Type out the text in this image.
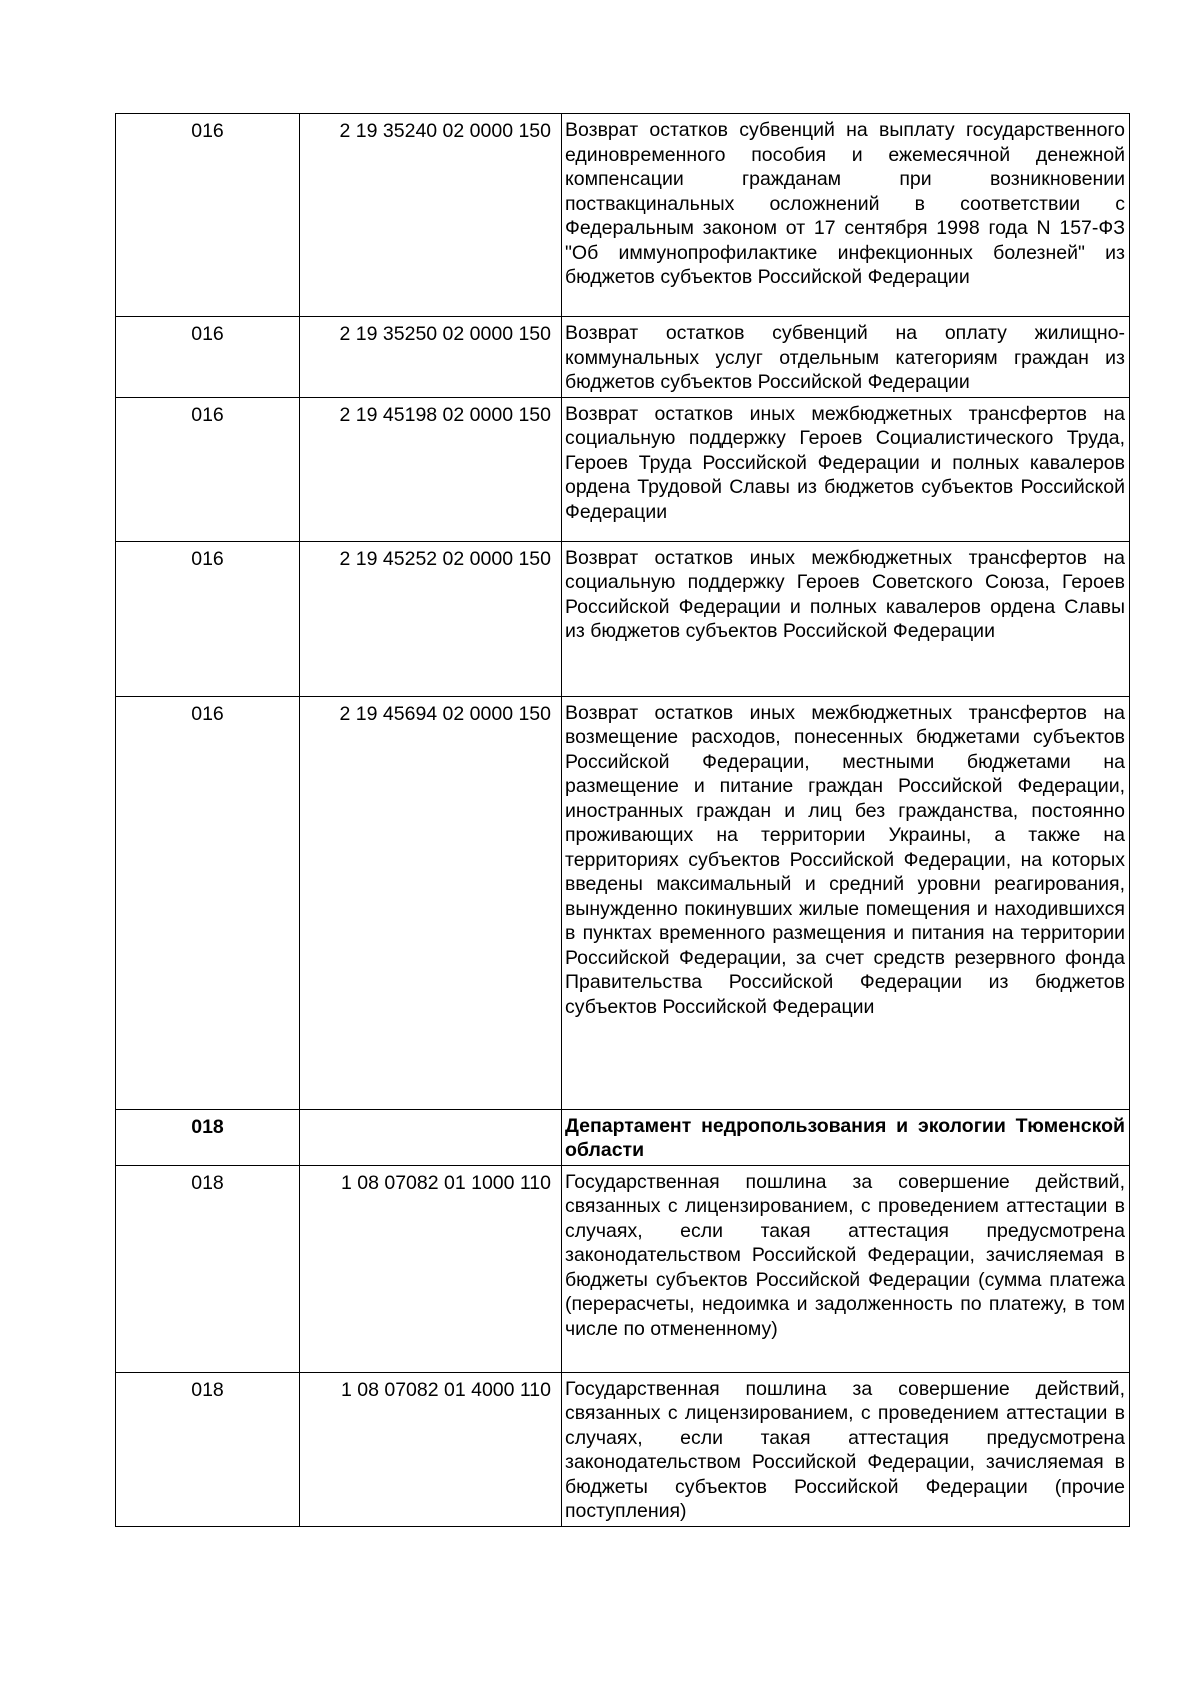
016	2 19 35240 02 0000 150	Возврат остатков субвенций на выплату государственного единовременного пособия и ежемесячной денежной компенсации гражданам при возникновении поствакцинальных осложнений в соответствии с Федеральным законом от 17 сентября 1998 года N 157-ФЗ "Об иммунопрофилактике инфекционных болезней" из бюджетов субъектов Российской Федерации
016	2 19 35250 02 0000 150	Возврат остатков субвенций на оплату жилищно-коммунальных услуг отдельным категориям граждан из бюджетов субъектов Российской Федерации
016	2 19 45198 02 0000 150	Возврат остатков иных межбюджетных трансфертов на социальную поддержку Героев Социалистического Труда, Героев Труда Российской Федерации и полных кавалеров ордена Трудовой Славы из бюджетов субъектов Российской Федерации
016	2 19 45252 02 0000 150	Возврат остатков иных межбюджетных трансфертов на социальную поддержку Героев Советского Союза, Героев Российской Федерации и полных кавалеров ордена Славы из бюджетов субъектов Российской Федерации
016	2 19 45694 02 0000 150	Возврат остатков иных межбюджетных трансфертов на возмещение расходов, понесенных бюджетами субъектов Российской Федерации, местными бюджетами на размещение и питание граждан Российской Федерации, иностранных граждан и лиц без гражданства, постоянно проживающих на территории Украины, а также на территориях субъектов Российской Федерации, на которых введены максимальный и средний уровни реагирования, вынужденно покинувших жилые помещения и находившихся в пунктах временного размещения и питания на территории Российской Федерации, за счет средств резервного фонда Правительства Российской Федерации из бюджетов субъектов Российской Федерации
018		Департамент недропользования и экологии Тюменской области
018	1 08 07082 01 1000 110	Государственная пошлина за совершение действий, связанных с лицензированием, с проведением аттестации в случаях, если такая аттестация предусмотрена законодательством Российской Федерации, зачисляемая в бюджеты субъектов Российской Федерации (сумма платежа (перерасчеты, недоимка и задолженность по платежу, в том числе по отмененному)
018	1 08 07082 01 4000 110	Государственная пошлина за совершение действий, связанных с лицензированием, с проведением аттестации в случаях, если такая аттестация предусмотрена законодательством Российской Федерации, зачисляемая в бюджеты субъектов Российской Федерации (прочие поступления)
